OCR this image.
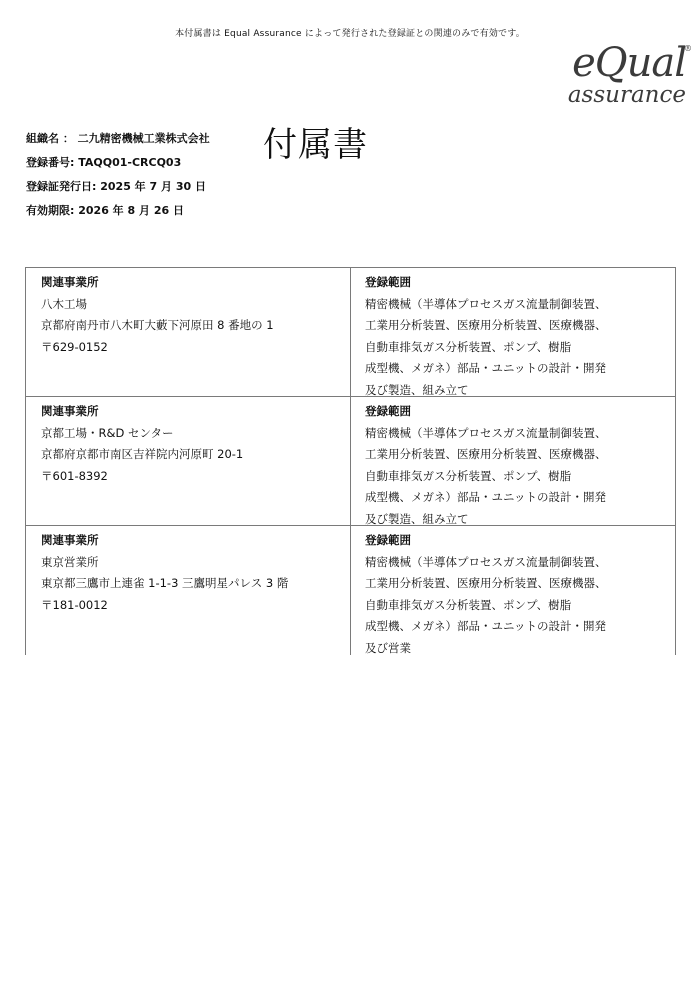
本付属書は Equal Assurance によって発行された登録証との関連のみで有効です。
eQual
®
assurance
組織名 ： 二九精密機械工業株式会社
登録番号: TAQQ01-CRCQ03
登録証発行日: 2025 年 7 月 30 日
有効期限: 2026 年 8 月 26 日
付属書
関連事業所
八木工場
京都府南丹市八木町大藪下河原田 8 番地の 1
〒629-0152
登録範囲
精密機械（半導体プロセスガス流量制御装置、
工業用分析装置、医療用分析装置、医療機器、
自動車排気ガス分析装置、ポンプ、樹脂
成型機、メガネ）部品・ユニットの設計・開発
及び製造、組み立て
関連事業所
京都工場・R&D センター
京都府京都市南区吉祥院内河原町 20-1
〒601-8392
登録範囲
精密機械（半導体プロセスガス流量制御装置、
工業用分析装置、医療用分析装置、医療機器、
自動車排気ガス分析装置、ポンプ、樹脂
成型機、メガネ）部品・ユニットの設計・開発
及び製造、組み立て
関連事業所
東京営業所
東京都三鷹市上連雀 1-1-3 三鷹明星パレス 3 階
〒181-0012
登録範囲
精密機械（半導体プロセスガス流量制御装置、
工業用分析装置、医療用分析装置、医療機器、
自動車排気ガス分析装置、ポンプ、樹脂
成型機、メガネ）部品・ユニットの設計・開発
及び営業
